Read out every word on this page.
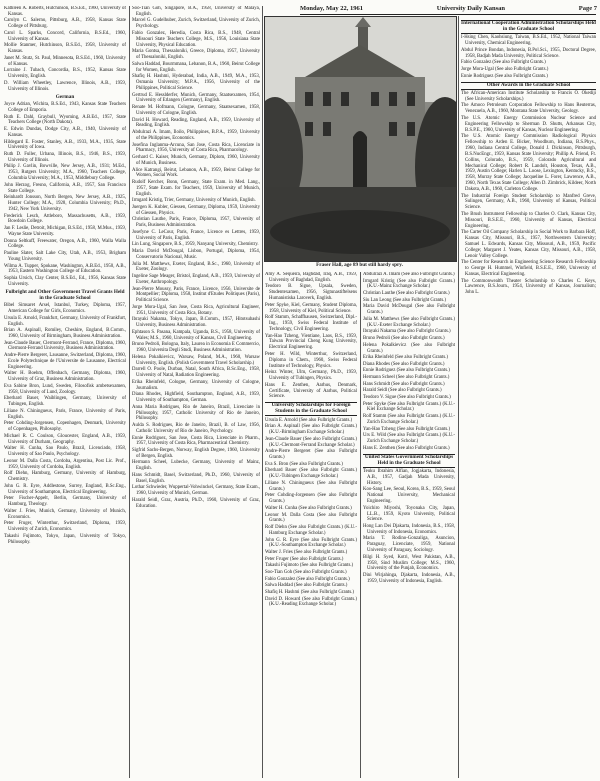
Monday, May 22, 1961	University Daily Kansan	Page 7

Kathleen A. Roberts, Hutchinson, B.S.Ed., 1960, University of Kansas.

Carolyn C. Salerno, Pittsburg, A.B., 1958, Kansas State College of Pittsburg.

Carol L. Sparks, Concord, California, B.S.Ed., 1960, University of Kansas.

Mollie Stanmer, Hutchinson, B.S.Ed., 1958, University of Kansas.

Janet M. Stutz, St. Paul, Minnesota, B.S.Ed., 1960, University of Kansas.

Lorraine J. Tubach, Concordia, B.S., 1952, Kansas State University, English.

D. William Wheetley, Lawrence, Illinois, A.B., 1959, University of Illinois.

German

Joyce Adrian, Wichita, B.S.Ed., 1943, Kansas State Teachers College of Emporia.

Ruth E. Dahl, Graybull, Wyoming, A.B.Ed., 1957, State Teachers College (North Dakota).

E. Edwin Dundas, Dodge City, A.B., 1940, University of Kansas.

Hildegard E. Foster, Stanley, A.B., 1933, M.A., 1935, State University of Iowa.

Ruth D. Fuller, Urbana, Illinois, B.S., 1946, B.S., 1959, University of Illinois.

Philip J. Gavlin, Bowville, New Jersey, A.B., 1931; M.Ed., 1953, Rutgers University; M.A., 1960, Teachers College, Columbia University; M.A., 1953, Middlebury College.

John Herzog, Fresno, California, A.B., 1957, San Francisco State College.

Reinhardt Jonsson, North Bergen, New Jersey, A.B., 1925, Hunter College; M.A., 1928, Columbia University; Ph.D., 1942, New York University.

Frederick Lesch, Attleboro, Massachusetts, A.B., 1959, Bowdoin College.

Jan F. Leslie, Detroit, Michigan, B.S.Ed., 1958, M.Mus., 1959, Wayne State University.

Donna Seltkuff, Freewater, Oregon, A.B., 1960, Walla Walla College.

Pauline Slater, Salt Lake City, Utah, A.B., 1953, Brigham Young University.

Wilma A. Tupper, Spokane, Washington, A.B.Ed., 1950, A.B., 1953, Eastern Washington College of Education.

Sophia Ursich, Clay Center, B.S.Ed., Ed., 1956, Kansas State University.

Fulbright and Other Government Travel Grants Held in the Graduate School

Bibel Simsaret Arsel, Istanbul, Turkey, Diploma, 1957, American College for Girls, Economics.

Ursula E. Arnold, Frankfurt, Germany, University of Frankfurt, English.

Brian A. Aspinall, Romiley, Cheshire, England, B.Comm., 1960, University of Birmingham, Business Administration.

Jean-Claude Bauer, Clermont-Ferrand, France, Diploma, 1960, Clermont-Ferrand University, Business Administration.

Andre-Pierre Bergeret, Lausanne, Switzerland, Diploma, 1960, Ecole Polytechnique de l'Universite de Lausanne, Electrical Engineering.

Walter H. Boehm, Offenbach, Germany, Diploma, 1960, University of Graz, Business Administration.

Eva Sabine Bron, Lund, Sweden, Filosofisk ambetsexamen, 1958, University of Lund, Zoology.

Eberhard Bauer, Waiblingen, Germany, University of Tubingen, English.

Liliane N. Chiningueux, Paris, France, University of Paris, English.

Peter Cohding-Jorgensen, Copenhagen, Denmark, University of Copenhagen, Philosophy.

Michael R. C. Coulson, Gloucester, England, A.B., 1959, University of Durham, Geography.

Walter H. Cunha, Sao Paulo, Brazil, Licenciado, 1958, University of Sao Paulo, Psychology.

Leonor M. Dalla Costa, Cordoba, Argentina, Post Lic. Prof., 1959, University of Cordoba, English.

Rolf Diehn, Hamburg, Germany, University of Hamburg, Chemistry.

John G. R. Eyre, Addlestone, Surrey, England, B.Sc.Eng., University of Southampton, Electrical Engineering.

Peter Fischer-Appelt, Berlin, Germany, University of Hamburg, Theology.

Walter J. Fries, Munich, Germany, University of Munich, Economics.

Peter Fruger, Winterthur, Switzerland, Diploma, 1959, University of Zurich, Economics.

Takashi Fujimoto, Tokyo, Japan, University of Tokyo, Philosophy.

Soo-Tian Goh, Singapore, B.A., 1958, University of Malaya, English.

Marcel G. Gudelhuber, Zurich, Switzerland, University of Zurich, Psychology.

Fabio Gonzalez, Heredia, Costa Rica, B.S., 1948, Central Missouri State Teachers College, M.S., 1956, Louisiana State University, Physical Education.

Maria Gontsa, Thessaloniki, Greece, Diploma, 1957, University of Thessaloniki, English.

Salwa Haddad, Bourmmana, Lebanon, B.A., 1960, Beirut College for Women, English.

Shafiq H. Hashmi, Hyderabad, India, A.B., 1949, M.A., 1953, Osmania University; M.P.A., 1956, University of the Philippines, Political Science.

Gertrud E. Hesslderfer, Munich, Germany, Staatsexamen, 1954, University of Erlangen (Germany), English.

Renate M. Hofmann, Cologne, Germany, Staatsexamen, 1958, University of Cologne, English.

David H. Howard, Reading, England, A.B., 1959, University of Reading, English.

Abdulrazi A. Imam, Iloilo, Philippines, B.P.A., 1959, University of the Philippines, Economics.

Josefina Inglanma-Arcuna, San Jose, Costa Rica, Licenciate in Pharmacy, 1956, University of Costa Rica, Pharmacology.

Gerhard C. Kaiser, Munich, Germany, Diplom, 1960, University of Munich, Business.

Alice Katrangi, Beirut, Lebanon, A.B., 1959, Beirut College for Women, Social Work.

Rudolf Kercher, Bonn, Germany, State Exam. in Med. Lang., 1957, State Exam. for Teachers, 1959, University of Munich, English.

Irmgard Kristig, Trier, Germany, University of Munich, English.

Juergen K. Kubler, Giessen, Germany, Diploma, 1959, University of Giessen, Physics.

Christian Lauthe, Paris, France, Diploma, 1957, University of Paris, Business Administration.

Josefyne C. LeCour, Paris, France, Licence es Lettres, 1959, University of Paris, English.

Lin Lung, Singapore, B.S., 1959, Nanyang University, Chemistry.

Maria David McDougal, Lisbon, Portugal, Diploma, 1954, Conservatorio Nacional, Music.

Julia M. Matthews, Exeter, England, B.Sc., 1960, University of Exeter, Zoology.

Ingeline Sage Meager, Bristol, England, A.B., 1959, University of Exeter, Anthropology.

Jean-Pierre Moussy, Paris, France, Licence, 1956, Universite de Montpellier; Diploma, 1958, Institut d'Etudes Politiques (Paris), Political Science.

Jorge Mora-Ugal, San Jose, Costa Rica, Agricultural Engineer, 1951, University of Costa Rica, Botany.

Ibrayaki Nakama, Tokyo, Japan, B.Comm., 1957, Hitotsubashi University, Business Administration.

Ephtason S. Pasana, Kampala, Uganda, B.S., 1958, University of Wales; M.S., 1960, University of Kansas, Civil Engineering.

Bruno Pedroli, Bologna, Italy, Laurea in Economia E Commercio, 1960, Universita Degli Studi, Business Administration.

Helena Pokalkievicz, Warsaw, Poland, M.A., 1960, Warsaw University, English. (Polish Government Travel Scholarship.)

Darrell O. Poole, Durban, Natal, South Africa, B.Sc.Eng., 1958, University of Natal, Radiation Engineering.

Erika Rheinfeld, Cologne, Germany, University of Cologne, Journalism.

Diana Rhodes, Highfield, Southampton, England, A.B., 1959, University of Southampton, German.

Anna Maria Rodrigues, Rio de Janeiro, Brazil, Licenciate in Philosophy, 1957, Catholic University of Rio de Janeiro, Philosophy.

Aulda S. Rodrigues, Rio de Janeiro, Brazil, B. of Law, 1956, Catholic University of Rio de Janeiro, Psychology.

Ennie Rodriguez, San Jose, Costa Rica, Licenciate in Pharm., 1957, University of Costa Rica, Pharmaceutical Chemistry.

Sigfrid Sachs-Bergen, Norway, English Degree, 1960, University of Bergen, English.

Hermann Scheel, Lubecke, Germany, University of Mainz, English.

Hans Schmidt, Basel, Switzerland, Ph.D., 1960, University of Basel, English.

Lothar Schwieder, Wuppertal-Vohwinckel, Germany, State Exam., 1960, University of Munich, German.

Harald Seidl, Graz, Austria, Ph.D., 1960, University of Graz, Education.

Fraser Hall, age 89 but still hardy spry.

Amy A. Sequeira, Baghdad, Iraq, A.B., 1959, University of Baghdad, English.

Teodoro B. Sigue, Upsala, Sweden, Studentexamen, 1956, Sigtunastiftelsens Humanistiska Laroverk, English.

Peter Spyke, Kiel, Germany, Student Diploma, 1958, University of Kiel, Political Science.

Rolf Stamm, Schaffhausen, Switzerland, Dipl.-Ing., 1959, Swiss Federal Institute of Technology, Civil Engineering.

Yan-Hao Tzheng, Vientiane, Laos, B.S., 1959, Taiwan Provincial Cheng Kung University, Electrical Engineering.

Peter H. Wild, Winterthur, Switzerland, Diploma in Chem., 1960, Swiss Federal Institute of Technology, Physics.

Heinz Winter, Ulm, Germany, Ph.D., 1959, University of Tubingen, Physics.

Hans E. Zenthen, Aarhus, Denmark, Certificate, University of Aarhus, Political Science.

University Scholarships for Foreign Students in the Graduate School

Ursula E. Arnold (See also Fulbright Grants.)

Brian A. Aspinall (See also Fulbright Grants.) (K.U.-Birmingham Exchange Scholar.)

Jean-Claude Bauer (See also Fulbright Grants.) (K.U.-Clermont-Ferrand Exchange Scholar.)

Andre-Pierre Bergeret (See also Fulbright Grants.)

Eva S. Bron (See also Fulbright Grants.)

Eberhard Bauer (See also Fulbright Grants.) (K.U.-Tubingen Exchange Scholar.)

Liliane N. Chiningueux (See also Fulbright Grants.)

Peter Cohding-Jorgensen (See also Fulbright Grants.)

Walter H. Cunha (See also Fulbright Grants.)

Leonor M. Dalla Costa (See also Fulbright Grants.)

Rolf Diehn (See also Fulbright Grants.) (K.U.-Hamburg Exchange Scholar.)

John G. R. Eyre (See also Fulbright Grants.) (K.U.-Southampton Exchange Scholar.)

Walter J. Fries (See also Fulbright Grants.)

Peter Fruger (See also Fulbright Grants.)

Takashi Fujimoto (See also Fulbright Grants.)

Soo-Tian Goh (See also Fulbright Grants.)

Fabio Gonzalez (See also Fulbright Grants.)

Salwa Haddad (See also Fulbright Grants.)

Shafiq H. Hashmi (See also Fulbright Grants.)

David D. Howard (See also Fulbright Grants.) (K.U.-Reading Exchange Scholar.)

Abdulrazi A. Imam (See also Fulbright Grants.)

Irmgard Kristig (See also Fulbright Grants.) (K.U.-Mainz Exchange Scholar.)

Christian Lauthe (See also Fulbright Grants.)

Siu Lan Leong (See also Fulbright Grants.)

Maria David McDougal (See also Fulbright Grants.)

Julia M. Matthews (See also Fulbright Grants.) (K.U.-Exeter Exchange Scholar.)

Ibrayaki Nakama (See also Fulbright Grants.)

Bruno Pedroli (See also Fulbright Grants.)

Helena Pokalkievicz (See also Fulbright Grants.)

Erika Rheinfeld (See also Fulbright Grants.)

Diana Rhodes (See also Fulbright Grants.)

Ennie Rodriguez (See also Fulbright Grants.)

Hermann Scheel (See also Fulbright Grants.)

Hans Schmidt (See also Fulbright Grants.)

Harald Seidl (See also Fulbright Grants.)

Teodoro V. Sigue (See also Fulbright Grants.)

Peter Spyke (See also Fulbright Grants.) (K.U.-Kiel Exchange Scholar.)

Rolf Stamm (See also Fulbright Grants.) (K.U.-Zurich Exchange Scholar.)

Yan-Hao Tzheng (See also Fulbright Grants.)

Urs E. Wild (See also Fulbright Grants.) (K.U.-Zurich Exchange Scholar.)

Hans E. Zenthen (See also Fulbright Grants.)

United States Government Scholarships Held in the Graduate School

Teuku Ibrahim Alfian, Jogjakarta, Indonesia, A.B., 1957, Gadjah Mada University, History.

Koo-Sang Lee, Seoul, Korea, B.S., 1959, Seoul National University, Mechanical Engineering.

Yoichiro Miyoshi, Toyonaka City, Japan, LL.B., 1959, Kyoto University, Political Science.

Hong Lan Dei Djakarta, Indonesia, B.S., 1958, University of Indonesia, Economics.

Maria T. Rodino-Gonzaliga, Asuncion, Paraguay, Licenciate, 1959, National University of Paraguay, Sociology.

Bilgi H. Syed, Kotri, West Pakistan, A.B., 1958, Sind Muslim College; M.S., 1960, University of the Punjab, Economics.

Dini Wirjahinga, Djakarta, Indonesia, A.B., 1959, University of Indonesia, English.

International Cooperation Administration Scholarships Held in the Graduate School

I-Hsing Chen, Kaohsiung, Taiwan, B.S.Ed., 1952, National Taiwan University, Chemical Engineering.

Abdul Prince Bondan, Indonesia, B.Pol.Sci., 1955, Doctoral Degree, 1958, Badjah Mada University, Political Science.

Fabio Gonzalez (See also Fulbright Grants.)

Jorge Mora-Ugal (See also Fulbright Grants.)

Ennie Rodriguez (See also Fulbright Grants.)

Other Awards in the Graduate School

The African-American Institute Scholarship to Francis O. Okediji (See University Scholarships.)

The Amoco Petroleum Corporation Fellowship to Hans Reuterras, Venezuela, A.B., 1960, Montana State University, Geology.

The U.S. Atomic Energy Commission Nuclear Science and Engineering Fellowship to Sherman D. Shutts, Arkansas City, B.S.P.E., 1960, University of Kansas, Nuclear Engineering.

The U.S. Atomic Energy Commission Radiological Physics Fellowship to Arden E. Bicker, Woodburn, Indiana, B.S.Phys., 1960, Indiana Central College, Donald J. Dickinson, Pittsburgh, B.S.NucEngr., 1959, Kansas State University; Phillip A. Friend, Ft. Collins, Colorado, B.S., 1959, Colorado Agricultural and Mechanical College; Robert R. Landolt, Houston, Texas, A.B., 1959, Austin College; Harlen L. Loose, Lexington, Kentucky, B.S., 1958, Murray State College; Jacqueline L. Forer, Lawrence, A.B., 1960, North Texas State College; Allen D. Zimbrick, Kildeer, North Dakota, A.B., 1960, Carleton College.

The Industrial Foreign Student Scholarship to Manfred Greve, Sulingen, Germany, A.B., 1960, University of Kansas, Political Science.

The Brush Instrument Fellowship to Charles O. Clark, Kansas City, Missouri, B.S.E.E., 1960, University of Kansas, Electrical Engineering.

The Carter Oil Company Scholarship in Social Work to Barbara Hoff, Kansas City, Missouri, B.S., 1957, Northwestern University; Samuel L. Edwards, Kansas City, Missouri, A.B., 1959, Pacific College; Margaret J. Yeates, Kansas City, Missouri, A.B., 1958, Lenoir Valley College.

The Center for Research in Engineering Science Research Fellowship to George H. Hummel, Winfield, B.S.E.E., 1960, University of Kansas, Electrical Engineering.

The Commonwealth Theater Scholarship to Charles C. Keys, Lawrence, B.S.Journ., 1954, University of Kansas, Journalism; John L.
